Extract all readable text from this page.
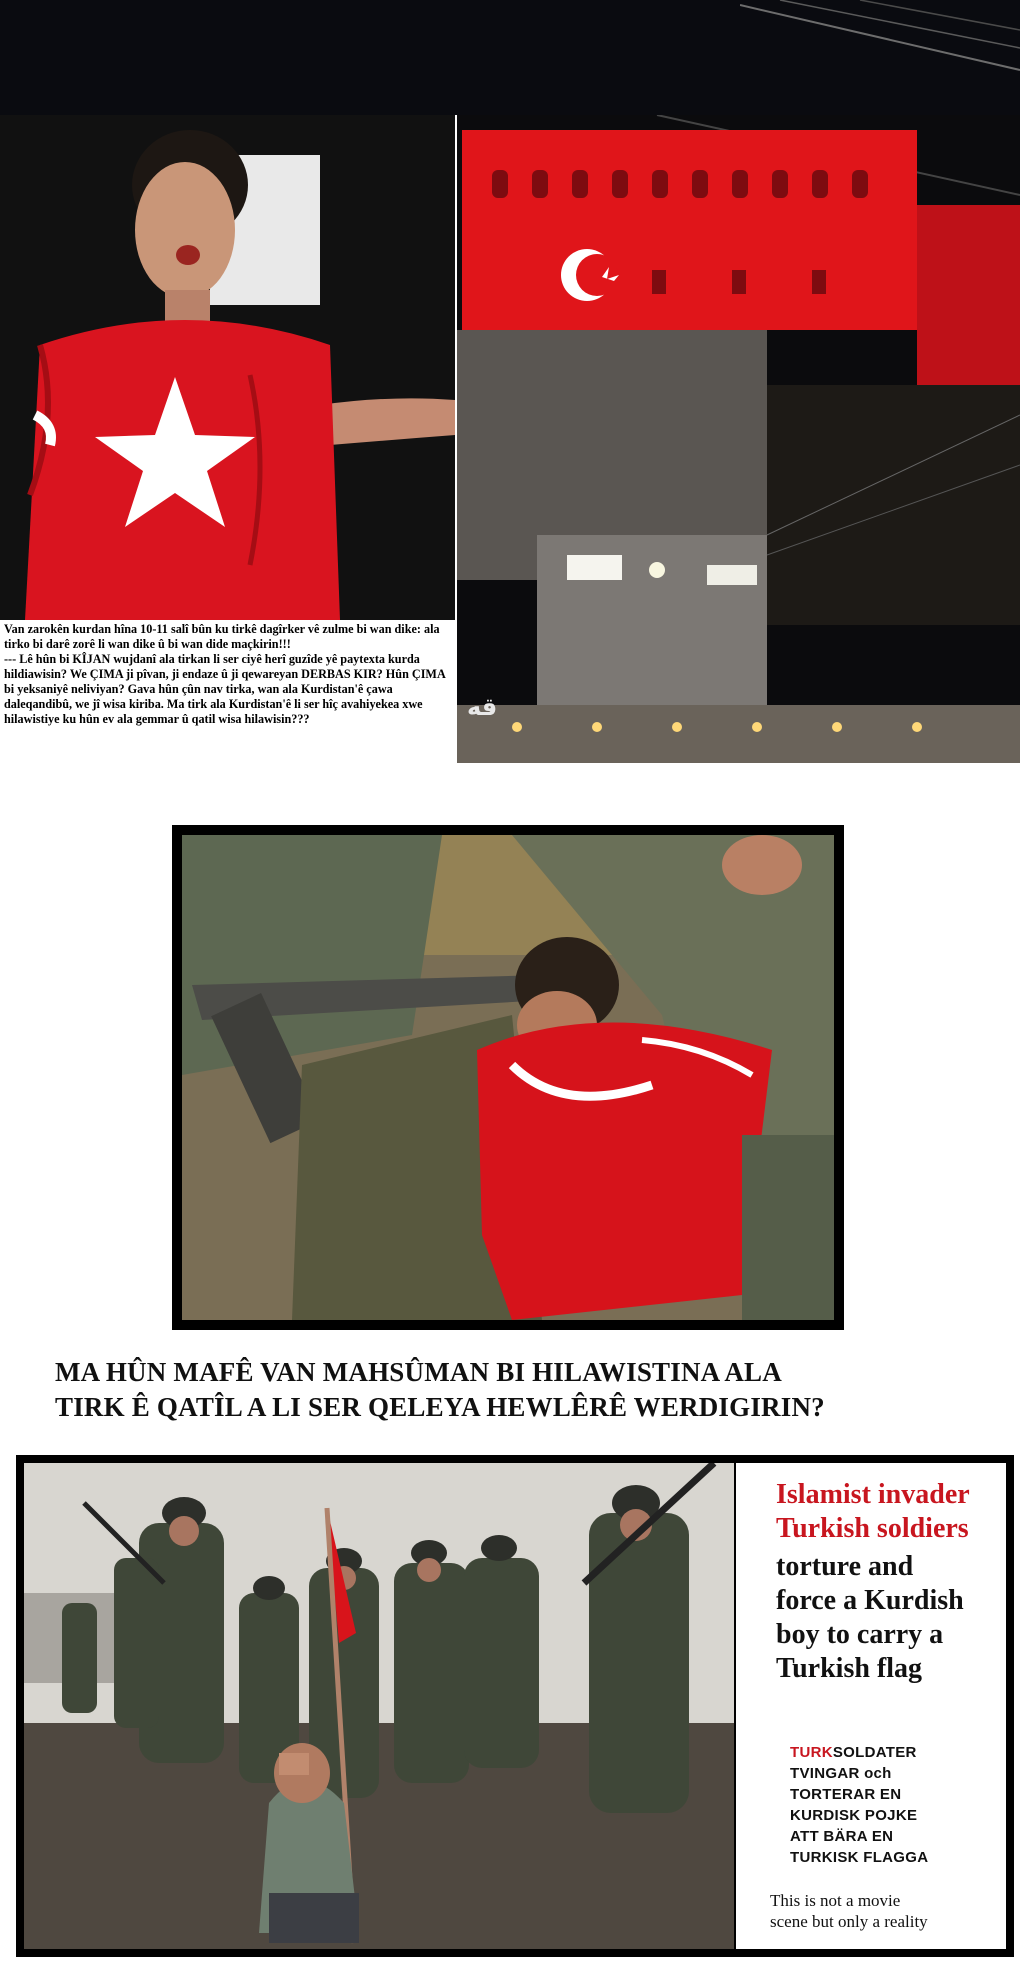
Van zarokên kurdan hîna 10-11 salî bûn ku tirkê dagîrker vê zulme bi wan dike: ala tirko bi darê zorê li wan dike û bi wan dide maçkirin!!!
--- Lê hûn bi KÎJAN wujdanî ala tirkan li ser ciyê herî guzîde yê paytexta kurda hildiawisin? We ÇIMA ji pîvan, ji endaze û ji qewareyan DERBAS KIR? Hûn ÇIMA bi yeksaniyê neliviyan? Gava hûn çûn nav tirka, wan ala Kurdistan'ê çawa daleqandibû, we jî wisa kiriba. Ma tirk ala Kurdistan'ê li ser hîç avahiyekea xwe hilawistiye ku hûn ev ala gemmar û qatil wisa hilawisin???	قه‌
MA HÛN MAFÊ VAN MAHSÛMAN BI HILAWISTINA ALA
TIRK Ê QATÎL A LI SER QELEYA HEWLÊRÊ WERDIGIRIN?
Islamist invader
Turkish soldiers
torture and
force a Kurdish
boy to carry a
Turkish flag
TURKSOLDATER
TVINGAR och
TORTERAR EN
KURDISK POJKE
ATT BÄRA EN
TURKISK FLAGGA
This is not a movie
scene but only a reality
